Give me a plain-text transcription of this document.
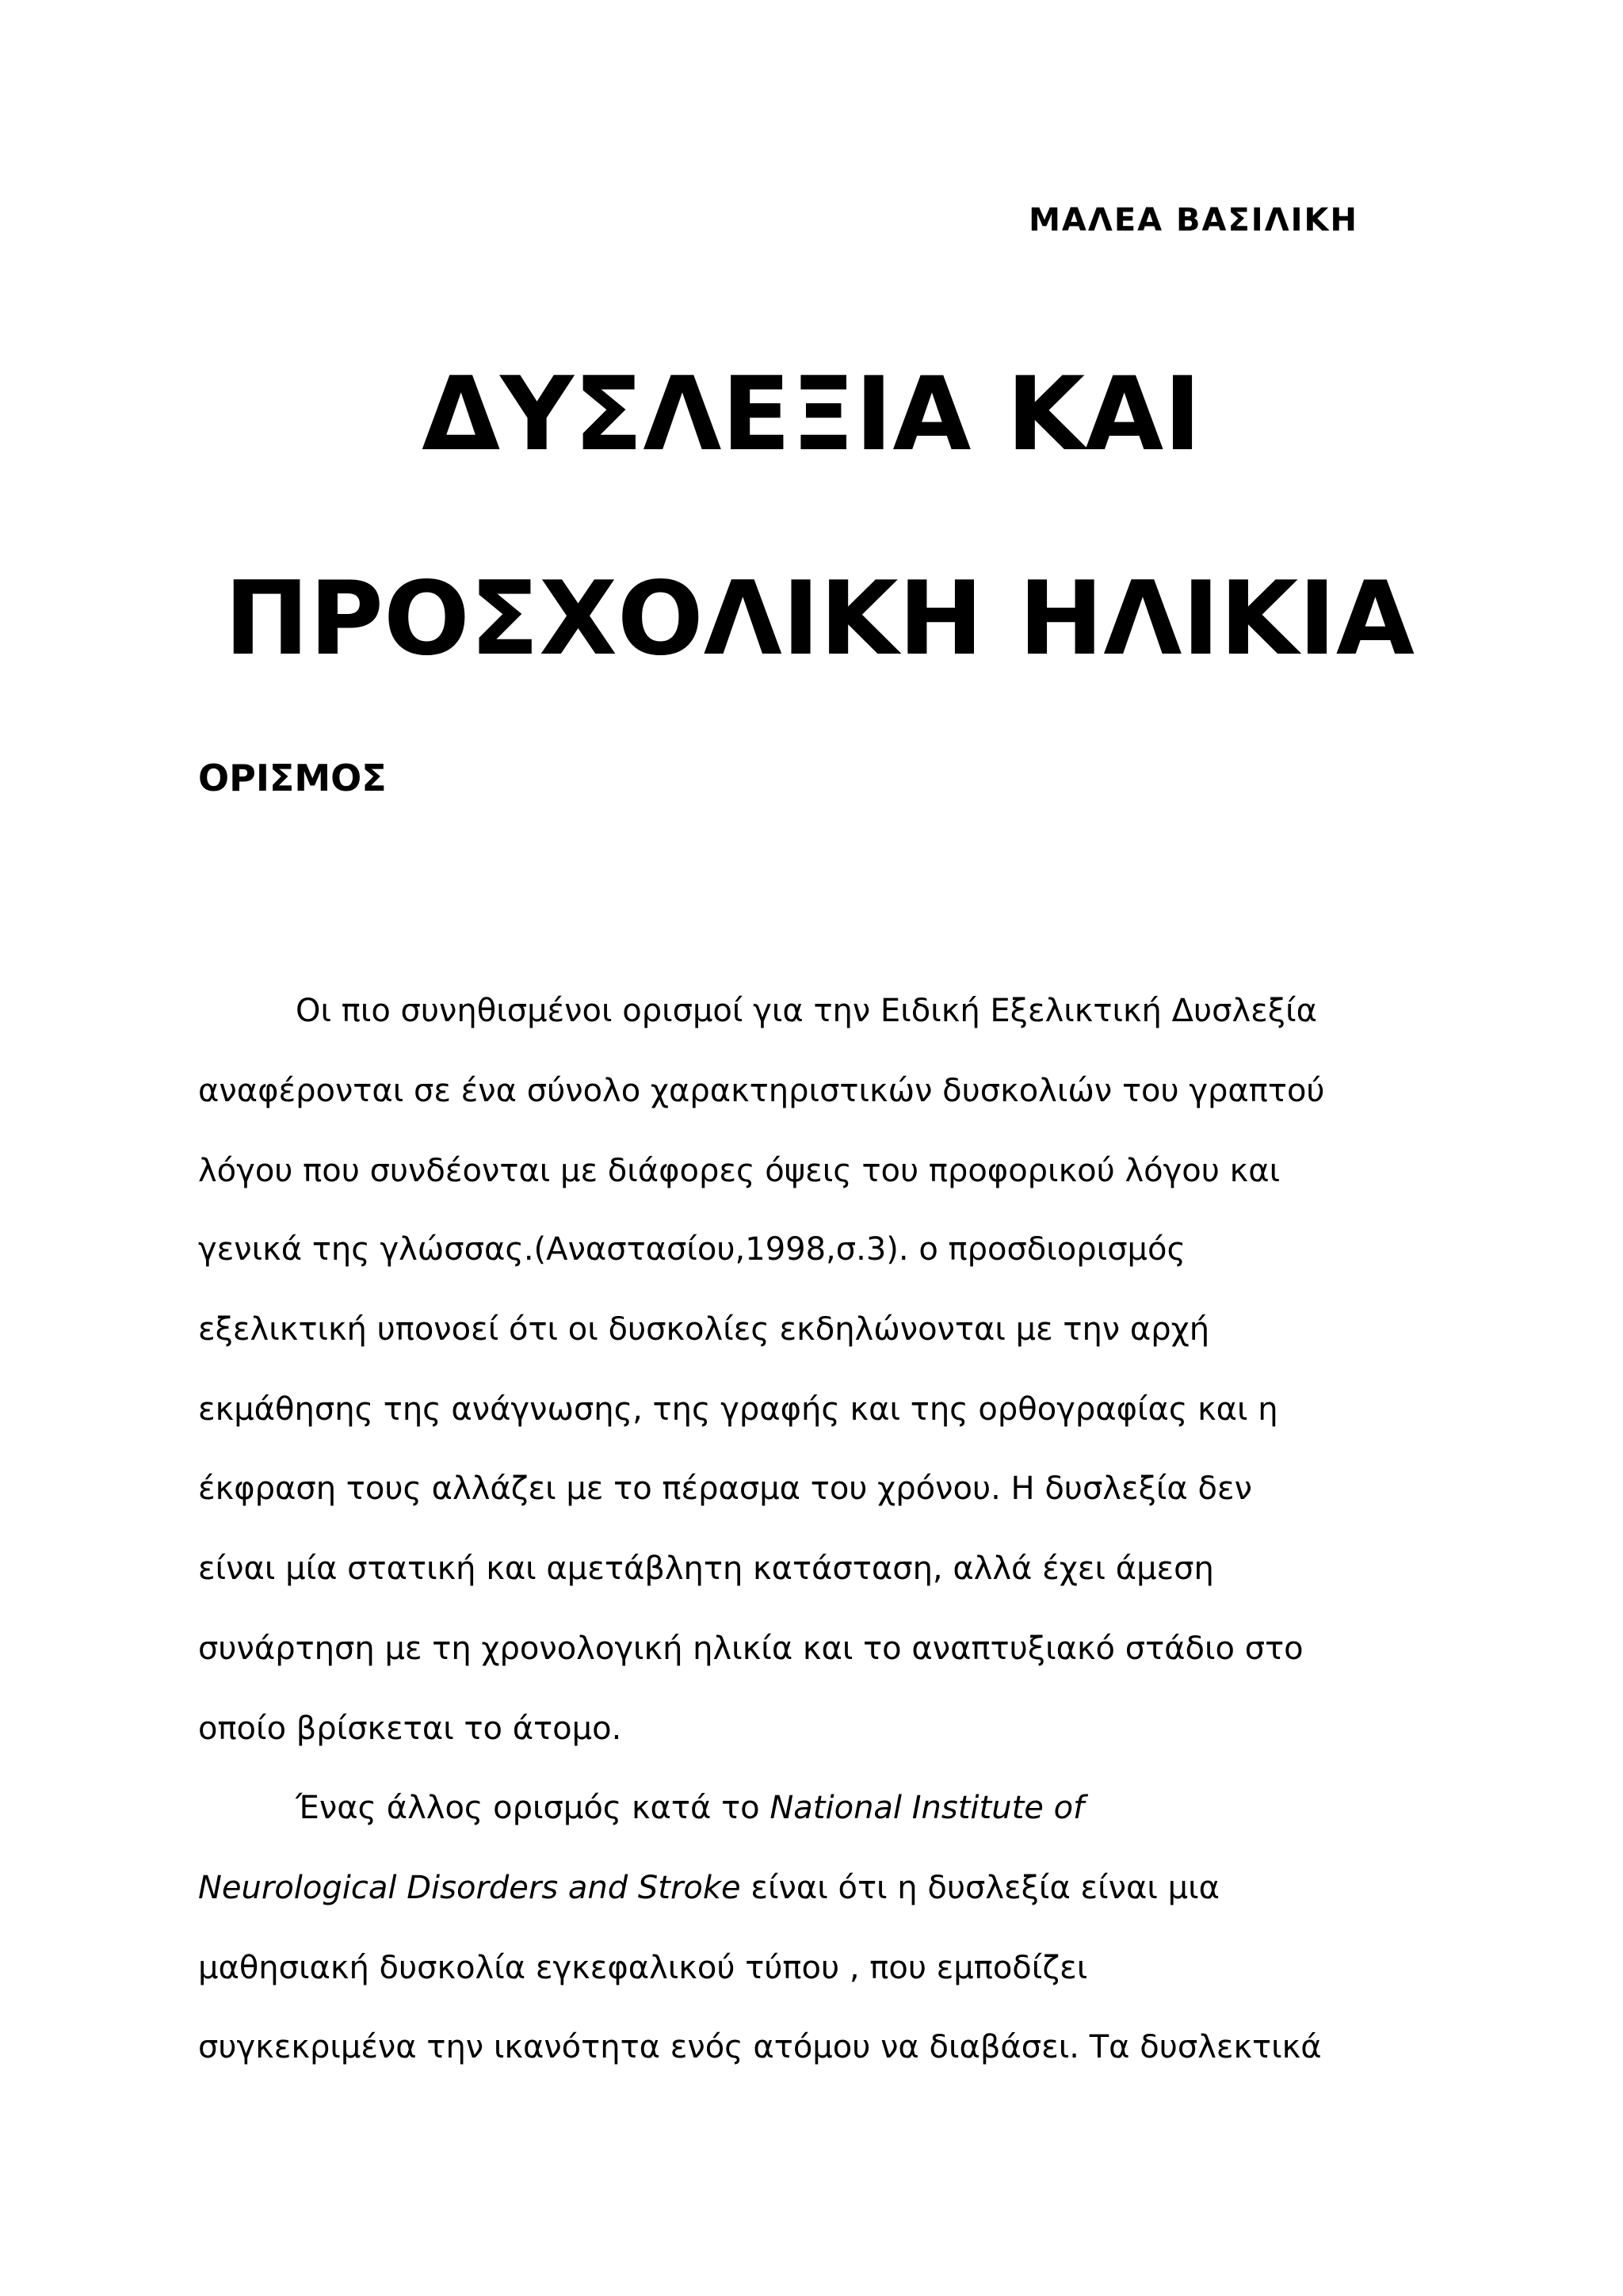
ΜΑΛΕΑ ΒΑΣΙΛΙΚΗ
ΔΥΣΛΕΞΙΑ ΚΑΙ
ΠΡΟΣΧΟΛΙΚΗ ΗΛΙΚΙΑ
ΟΡΙΣΜΟΣ
Οι πιο συνηθισμένοι ορισμοί για την Ειδική Εξελικτική Δυσλεξία
αναφέρονται σε ένα σύνολο χαρακτηριστικών δυσκολιών του γραπτού
λόγου που συνδέονται με διάφορες όψεις του προφορικού λόγου και
γενικά της γλώσσας.(Αναστασίου,1998,σ.3). ο προσδιορισμός
εξελικτική υπονοεί ότι οι δυσκολίες εκδηλώνονται με την αρχή
εκμάθησης της ανάγνωσης, της γραφής και της ορθογραφίας και η
έκφραση τους αλλάζει με το πέρασμα του χρόνου. Η δυσλεξία δεν
είναι μία στατική και αμετάβλητη κατάσταση, αλλά έχει άμεση
συνάρτηση με τη χρονολογική ηλικία και το αναπτυξιακό στάδιο στο
οποίο βρίσκεται το άτομο.
Ένας άλλος ορισμός κατά το National Institute of
Neurological Disorders and Stroke είναι ότι η δυσλεξία είναι μια
μαθησιακή δυσκολία εγκεφαλικού τύπου , που εμποδίζει
συγκεκριμένα την ικανότητα ενός ατόμου να διαβάσει. Τα δυσλεκτικά
